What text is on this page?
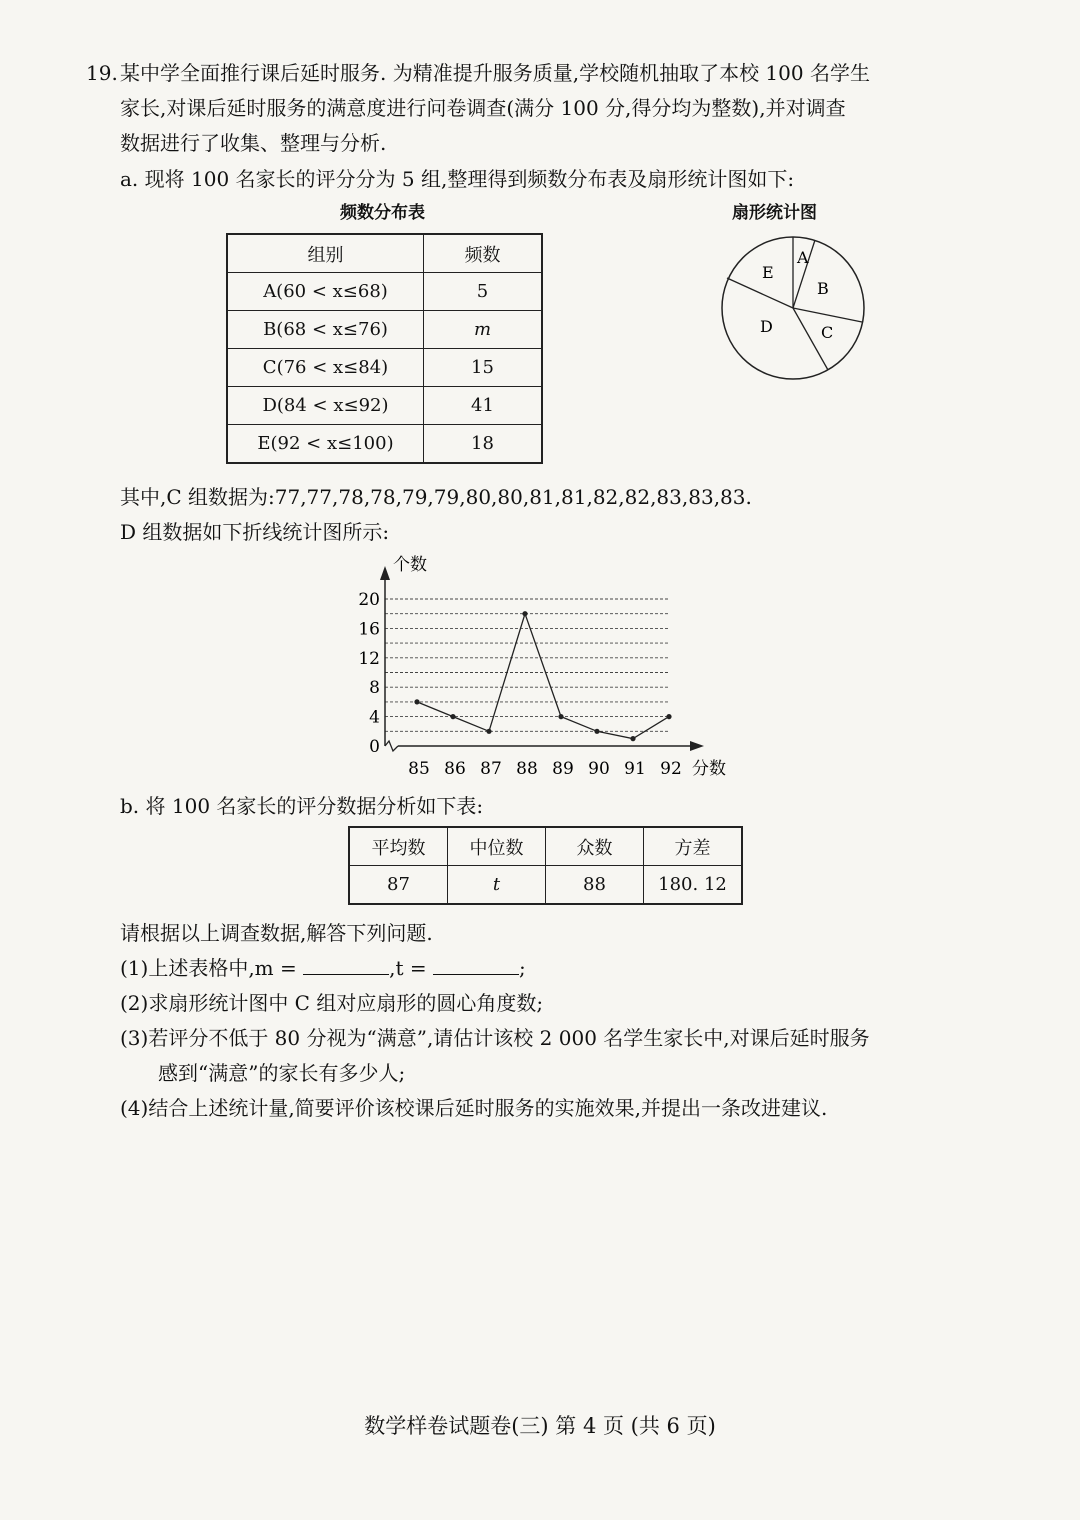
19. 某中学全面推行课后延时服务. 为精准提升服务质量,学校随机抽取了本校 100 名学生
家长,对课后延时服务的满意度进行问卷调查(满分 100 分,得分均为整数),并对调查
数据进行了收集、整理与分析.
a. 现将 100 名家长的评分分为 5 组,整理得到频数分布表及扇形统计图如下:
频数分布表	扇形统计图
组别	频数
A(60 < x≤68)	5
B(68 < x≤76)	m
C(76 < x≤84)	15
D(84 < x≤92)	41
E(92 < x≤100)	18
A
B
C
D
E
其中,C 组数据为:77,77,78,78,79,79,80,80,81,81,82,82,83,83,83.
D 组数据如下折线统计图所示:
个数
分数
0
4
8
12
16
20
85 86 87 88 89 90 91 92
b. 将 100 名家长的评分数据分析如下表:
平均数	中位数	众数	方差
87	t	88	180. 12
请根据以上调查数据,解答下列问题.
(1)上述表格中,m =	,t =	;
(2)求扇形统计图中 C 组对应扇形的圆心角度数;
(3)若评分不低于 80 分视为“满意”,请估计该校 2 000 名学生家长中,对课后延时服务
感到“满意”的家长有多少人;
(4)结合上述统计量,简要评价该校课后延时服务的实施效果,并提出一条改进建议.
数学样卷试题卷(三) 第 4 页 (共 6 页)
